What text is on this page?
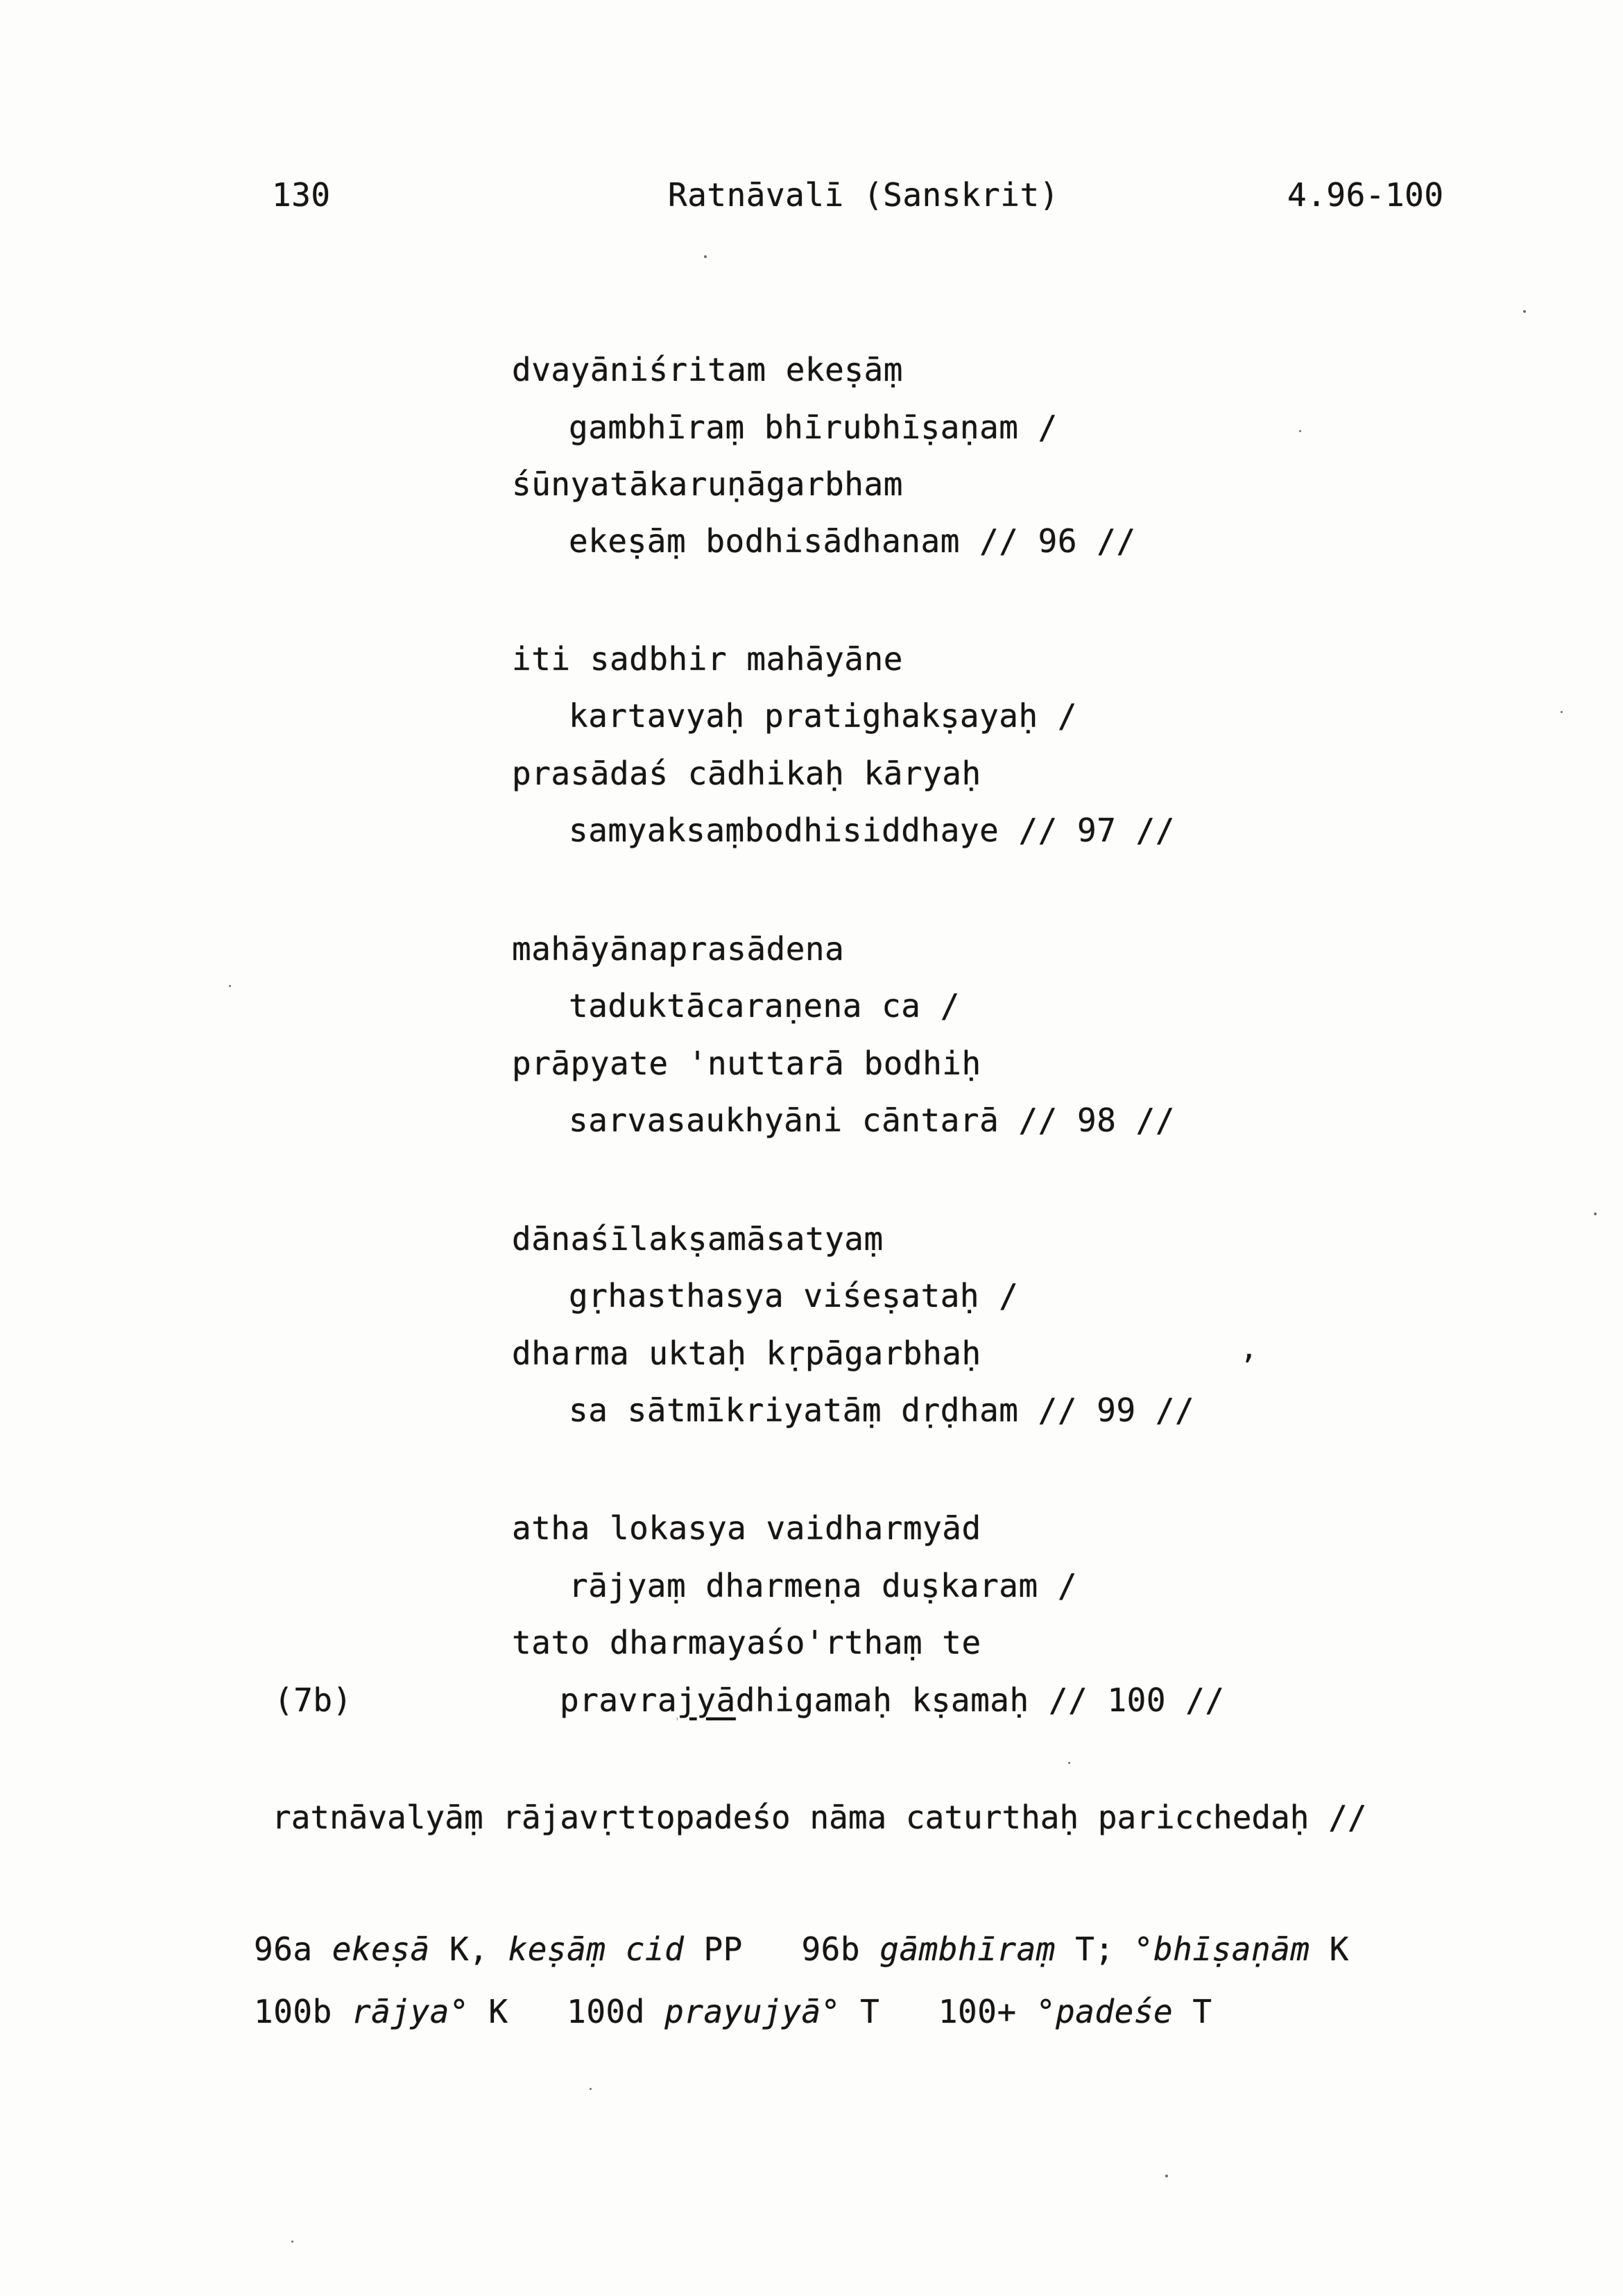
130	Ratnāvalī (Sanskrit)	4.96-100
dvayāniśritam ekeṣāṃ
gambhīraṃ bhīrubhīṣaṇam /
śūnyatākaruṇāgarbham
ekeṣāṃ bodhisādhanam // 96 //
iti sadbhir mahāyāne
kartavyaḥ pratighakṣayaḥ /
prasādaś cādhikaḥ kāryaḥ
samyaksaṃbodhisiddhaye // 97 //
mahāyānaprasādena
taduktācaraṇena ca /
prāpyate 'nuttarā bodhiḥ
sarvasaukhyāni cāntarā // 98 //
dānaśīlakṣamāsatyaṃ
gṛhasthasya viśeṣataḥ /
dharma uktaḥ kṛpāgarbhaḥ
sa sātmīkriyatāṃ dṛḍham // 99 //
,
atha lokasya vaidharmyād
rājyaṃ dharmeṇa duṣkaram /
tato dharmayaśo'rthaṃ te
(7b)	pravrajyādhigamaḥ kṣamaḥ // 100 //
ratnāvalyāṃ rājavṛttopadeśo nāma caturthaḥ paricchedaḥ //
96a ekeṣā K, keṣāṃ cid PP   96b gāmbhīraṃ T; °bhīṣaṇām K
100b rājya° K   100d prayujyā° T   100+ °padeśe T
